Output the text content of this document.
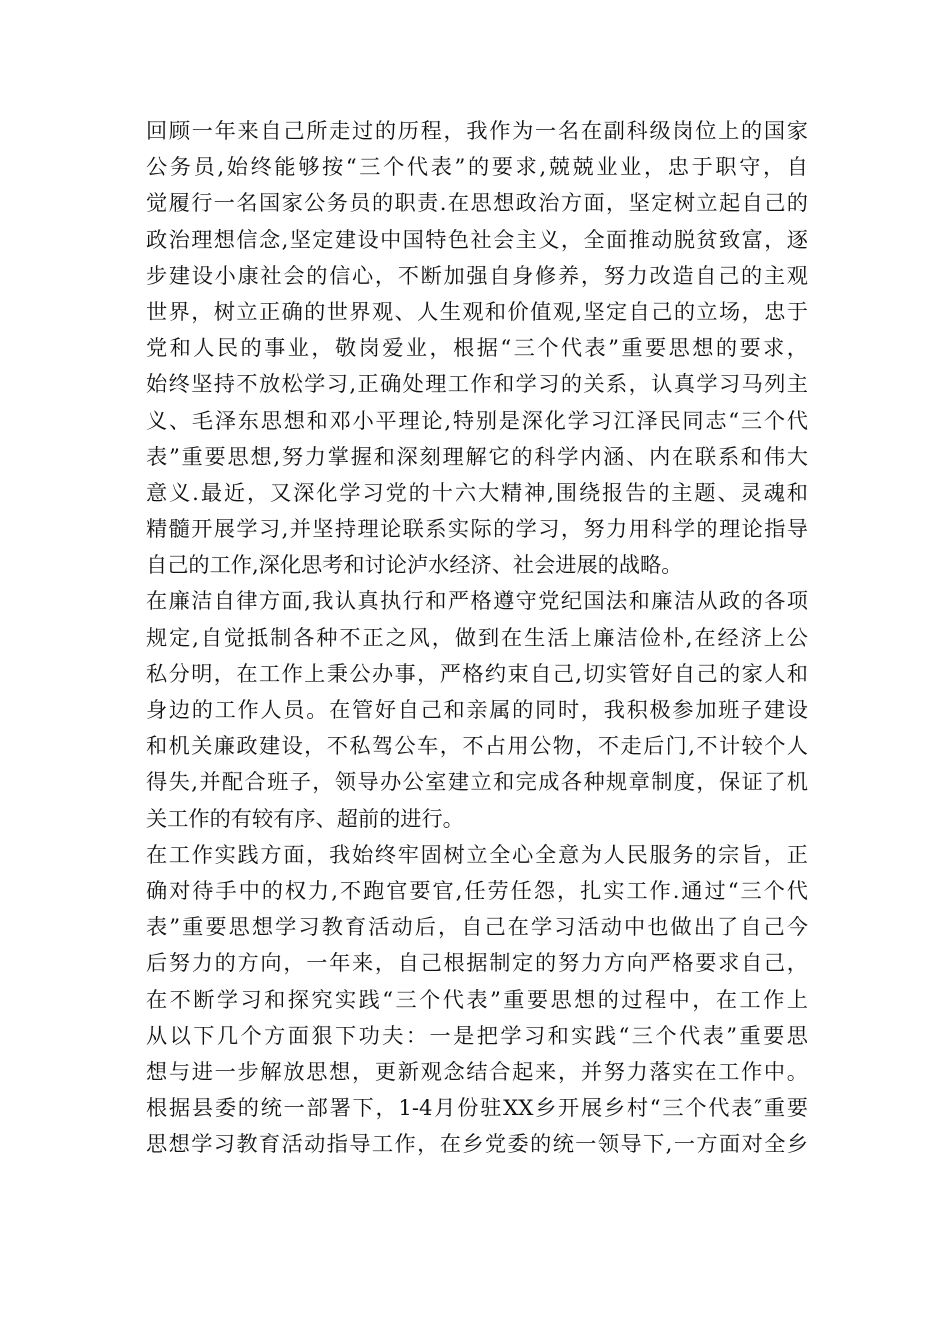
回顾一年来自己所走过的历程，我作为一名在副科级岗位上的国家
公务员,始终能够按“三个代表”的要求,兢兢业业，忠于职守，自
觉履行一名国家公务员的职责.在思想政治方面，坚定树立起自己的
政治理想信念,坚定建设中国特色社会主义，全面推动脱贫致富，逐
步建设小康社会的信心，不断加强自身修养，努力改造自己的主观
世界，树立正确的世界观、人生观和价值观,坚定自己的立场，忠于
党和人民的事业，敬岗爱业，根据“三个代表”重要思想的要求，
始终坚持不放松学习,正确处理工作和学习的关系，认真学习马列主
义、毛泽东思想和邓小平理论,特别是深化学习江泽民同志“三个代
表”重要思想,努力掌握和深刻理解它的科学内涵、内在联系和伟大
意义.最近，又深化学习党的十六大精神,围绕报告的主题、灵魂和
精髓开展学习,并坚持理论联系实际的学习，努力用科学的理论指导
自己的工作,深化思考和讨论泸水经济、社会进展的战略。
在廉洁自律方面,我认真执行和严格遵守党纪国法和廉洁从政的各项
规定,自觉抵制各种不正之风，做到在生活上廉洁俭朴,在经济上公
私分明，在工作上秉公办事，严格约束自己,切实管好自己的家人和
身边的工作人员。在管好自己和亲属的同时，我积极参加班子建设
和机关廉政建设，不私驾公车，不占用公物，不走后门,不计较个人
得失,并配合班子，领导办公室建立和完成各种规章制度，保证了机
关工作的有较有序、超前的进行。
在工作实践方面，我始终牢固树立全心全意为人民服务的宗旨，正
确对待手中的权力,不跑官要官,任劳任怨，扎实工作.通过“三个代
表”重要思想学习教育活动后，自己在学习活动中也做出了自己今
后努力的方向，一年来，自己根据制定的努力方向严格要求自己，
在不断学习和探究实践“三个代表”重要思想的过程中，在工作上
从以下几个方面狠下功夫：一是把学习和实践“三个代表”重要思
想与进一步解放思想，更新观念结合起来，并努力落实在工作中。
根据县委的统一部署下，1-4月份驻XX乡开展乡村“三个代表″重要
思想学习教育活动指导工作，在乡党委的统一领导下,一方面对全乡
